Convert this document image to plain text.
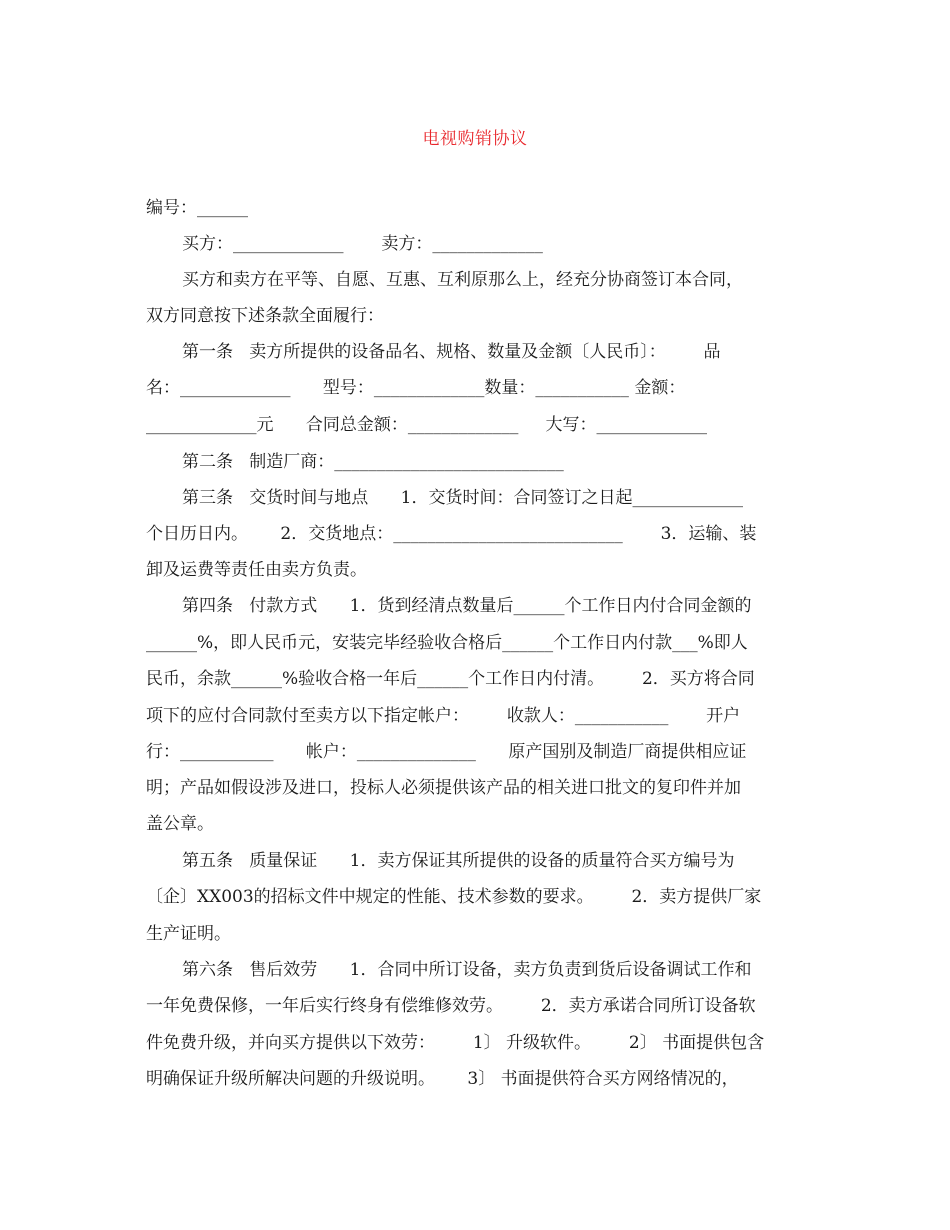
电视购销协议
编号：______
买方：_____________       卖方：_____________
买方和卖方在平等、自愿、互惠、互利原那么上，经充分协商签订本合同，
双方同意按下述条款全面履行：
第一条   卖方所提供的设备品名、规格、数量及金额〔人民币〕：       品
名：_____________      型号：_____________数量：___________ 金额：
_____________元      合同总金额：_____________     大写：_____________
第二条   制造厂商：___________________________
第三条   交货时间与地点      1．交货时间：合同签订之日起_____________
个日历日内。      2．交货地点：___________________________       3．运输、装
卸及运费等责任由卖方负责。
第四条   付款方式      1．货到经清点数量后______个工作日内付合同金额的
______%，即人民币元，安装完毕经验收合格后______个工作日内付款___%即人
民币，余款______%验收合格一年后______个工作日内付清。       2．买方将合同
项下的应付合同款付至卖方以下指定帐户：       收款人：___________       开户
行：___________      帐户：______________      原产国别及制造厂商提供相应证
明；产品如假设涉及进口，投标人必须提供该产品的相关进口批文的复印件并加
盖公章。
第五条   质量保证      1．卖方保证其所提供的设备的质量符合买方编号为
〔企〕XX003的招标文件中规定的性能、技术参数的要求。       2．卖方提供厂家
生产证明。
第六条   售后效劳      1．合同中所订设备，卖方负责到货后设备调试工作和
一年免费保修，一年后实行终身有偿维修效劳。       2．卖方承诺合同所订设备软
件免费升级，并向买方提供以下效劳：       1〕 升级软件。       2〕 书面提供包含
明确保证升级所解决问题的升级说明。      3〕 书面提供符合买方网络情况的，
